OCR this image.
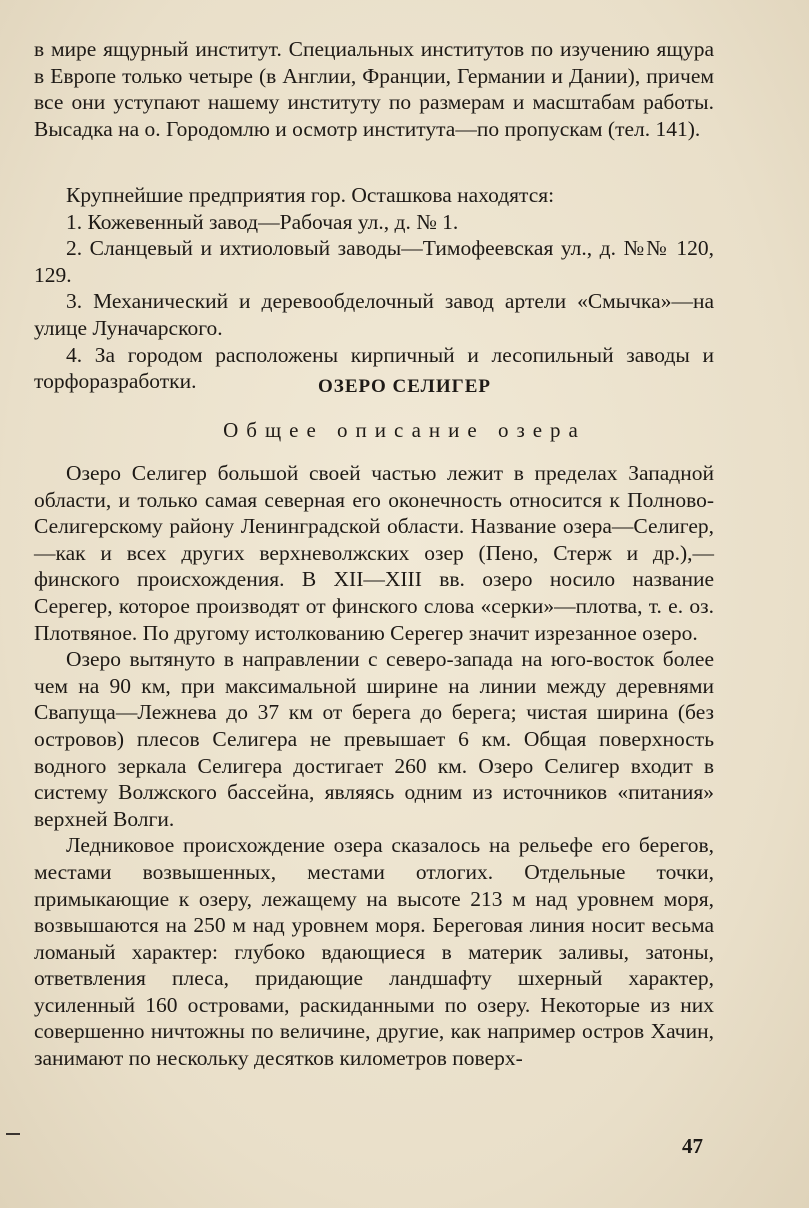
в мире ящурный институт. Специальных институтов по изучению ящура в Европе только четыре (в Англии, Франции, Германии и Дании), причем все они уступают нашему институту по размерам и масштабам работы. Высадка на о. Городомлю и осмотр института—по пропускам (тел. 141).

Крупнейшие предприятия гор. Осташкова находятся:

1. Кожевенный завод—Рабочая ул., д. № 1.

2. Сланцевый и ихтиоловый заводы—Тимофеевская ул., д. №№ 120, 129.

3. Механический и деревообделочный завод артели «Смычка»—на улице Луначарского.

4. За городом расположены кирпичный и лесопильный заводы и торфоразработки.	ОЗЕРО СЕЛИГЕР
Общее описание озера

Озеро Селигер большой своей частью лежит в пределах Западной области, и только самая северная его оконечность относится к Полново-Селигерскому району Ленинградской области. Название озера—Селигер,—как и всех других верхневолжских озер (Пено, Стерж и др.),—финского происхождения. В XII—XIII вв. озеро носило название Серегер, которое производят от финского слова «серки»—плотва, т. е. оз. Плотвяное. По другому истолкованию Серегер значит изрезанное озеро.

Озеро вытянуто в направлении с северо-запада на юго-восток более чем на 90 км, при максимальной ширине на линии между деревнями Свапуща—Лежнева до 37 км от берега до берега; чистая ширина (без островов) плесов Селигера не превышает 6 км. Общая поверхность водного зеркала Селигера достигает 260 км. Озеро Селигер входит в систему Волжского бассейна, являясь одним из источников «питания» верхней Волги.

Ледниковое происхождение озера сказалось на рельефе его берегов, местами возвышенных, местами отлогих. Отдельные точки, примыкающие к озеру, лежащему на высоте 213 м над уровнем моря, возвышаются на 250 м над уровнем моря. Береговая линия носит весьма ломаный характер: глубоко вдающиеся в материк заливы, затоны, ответвления плеса, придающие ландшафту шхерный характер, усиленный 160 островами, раскиданными по озеру. Некоторые из них совершенно ничтожны по величине, другие, как например остров Хачин, занимают по нескольку десятков километров поверх-

47
